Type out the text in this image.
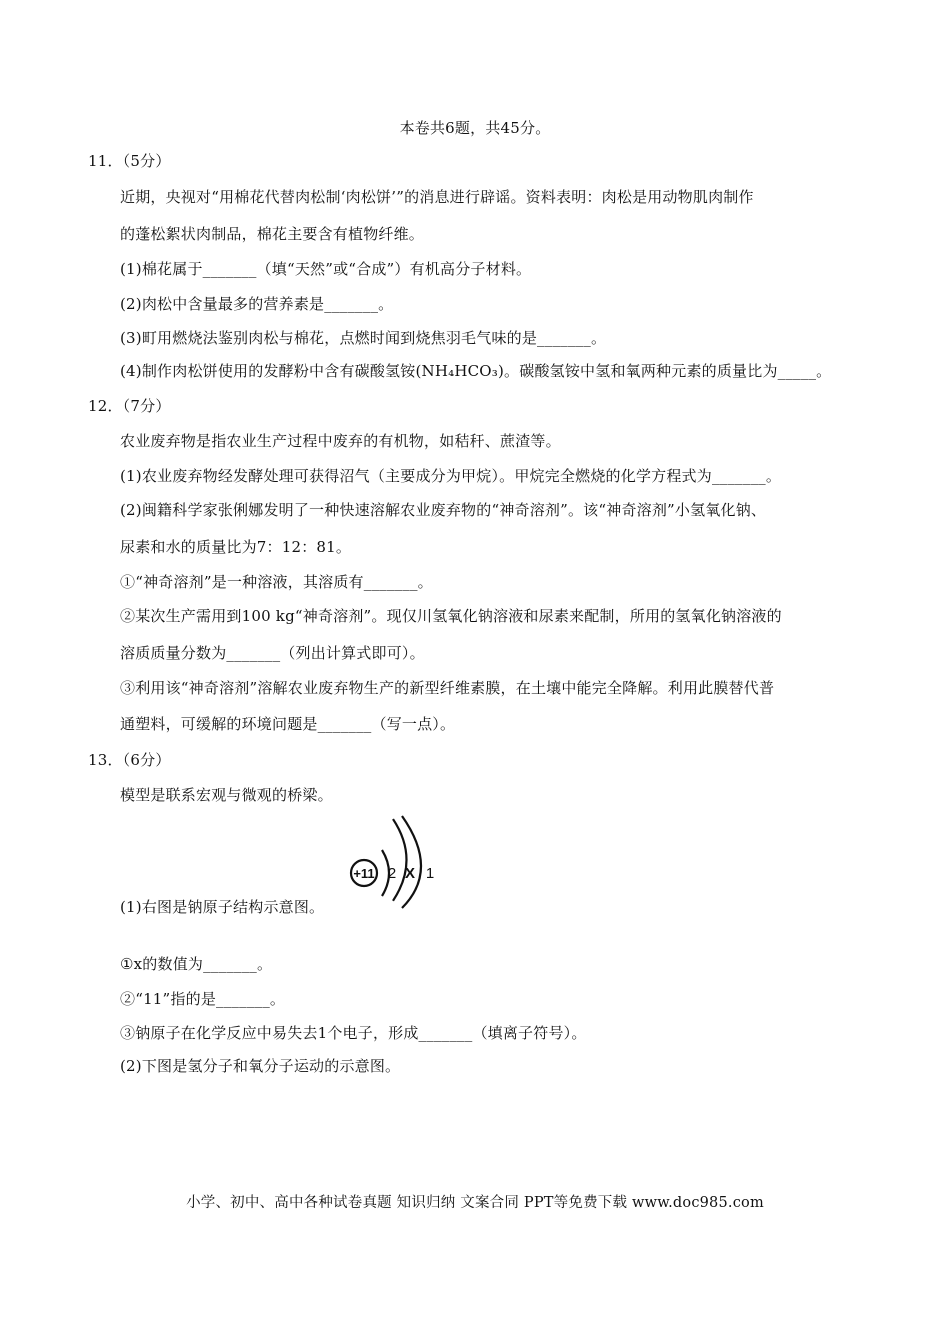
本卷共6题，共45分。
11．（5分）
近期，央视对“用棉花代替肉松制‘肉松饼’”的消息进行辟谣。资料表明：肉松是用动物肌肉制作
的蓬松絮状肉制品，棉花主要含有植物纤维。
(1)棉花属于_______（填“天然”或“合成”）有机高分子材料。
(2)肉松中含量最多的营养素是_______。
(3)町用燃烧法鉴别肉松与棉花，点燃时闻到烧焦羽毛气味的是_______。
(4)制作肉松饼使用的发酵粉中含有碳酸氢铵(NH₄HCO₃)。碳酸氢铵中氢和氧两种元素的质量比为_____。
12．（7分）
农业废弃物是指农业生产过程中废弃的有机物，如秸秆、蔗渣等。
(1)农业废弃物经发酵处理可获得沼气（主要成分为甲烷）。甲烷完全燃烧的化学方程式为_______。
(2)闽籍科学家张俐娜发明了一种快速溶解农业废弃物的“神奇溶剂”。该“神奇溶剂”小氢氧化钠、
尿素和水的质量比为7：12：81。
①“神奇溶剂”是一种溶液，其溶质有_______。
②某次生产需用到100 kg“神奇溶剂”。现仅川氢氧化钠溶液和尿素来配制，所用的氢氧化钠溶液的
溶质质量分数为_______（列出计算式即可）。
③利用该“神奇溶剂”溶解农业废弃物生产的新型纤维素膜，在土壤中能完全降解。利用此膜替代普
通塑料，可缓解的环境问题是_______（写一点）。
13．（6分）
模型是联系宏观与微观的桥梁。
+11 2 X 1
(1)右图是钠原子结构示意图。
①x的数值为_______。
②“11”指的是_______。
③钠原子在化学反应中易失去1个电子，形成_______（填离子符号）。
(2)下图是氢分子和氧分子运动的示意图。
小学、初中、高中各种试卷真题 知识归纳 文案合同 PPT等免费下载 www.doc985.com
